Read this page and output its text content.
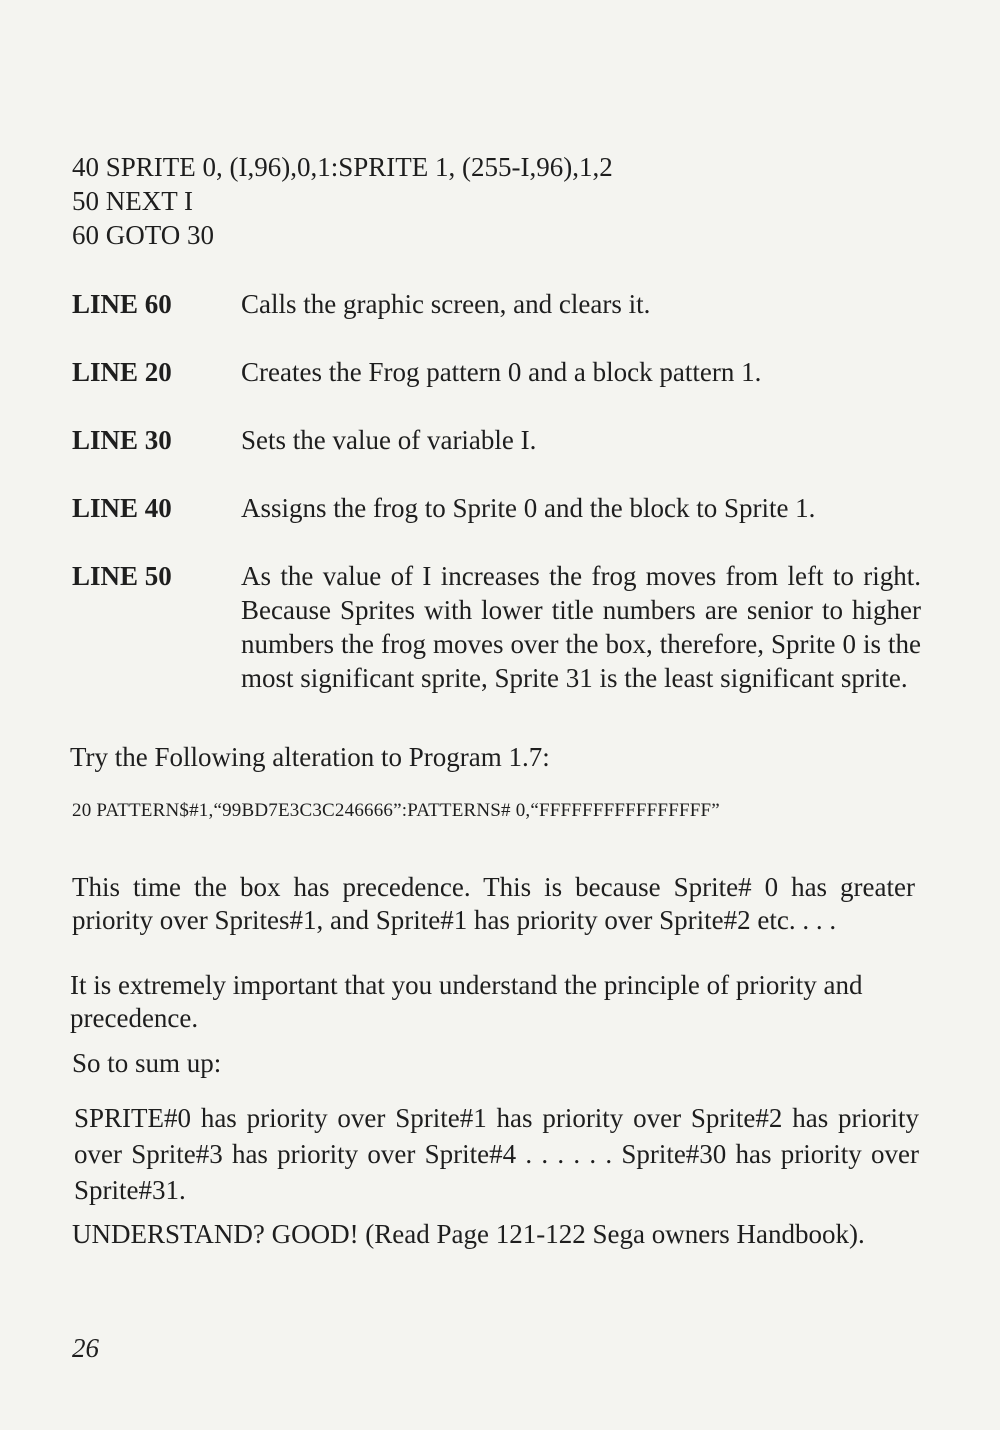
40 SPRITE 0, (I,96),0,1:SPRITE 1, (255-I,96),1,2
50 NEXT I
60 GOTO 30
LINE 60	Calls the graphic screen, and clears it.
LINE 20	Creates the Frog pattern 0 and a block pattern 1.
LINE 30	Sets the value of variable I.
LINE 40	Assigns the frog to Sprite 0 and the block to Sprite 1.
LINE 50	As the value of I increases the frog moves from left to right. Because Sprites with lower title numbers are senior to higher numbers the frog moves over the box, therefore, Sprite 0 is the most significant sprite, Sprite 31 is the least significant sprite.
Try the Following alteration to Program 1.7:
20 PATTERN$#1,“99BD7E3C3C246666”:PATTERNS# 0,“FFFFFFFFFFFFFFFF”
This time the box has precedence. This is because Sprite# 0 has greater priority over Sprites#1, and Sprite#1 has priority over Sprite#2 etc. . . .
It is extremely important that you understand the principle of priority and precedence.
So to sum up:
SPRITE#0 has priority over Sprite#1 has priority over Sprite#2 has priority over Sprite#3 has priority over Sprite#4 . . . . . . Sprite#30 has priority over Sprite#31.
UNDERSTAND? GOOD! (Read Page 121-122 Sega owners Handbook).
26
